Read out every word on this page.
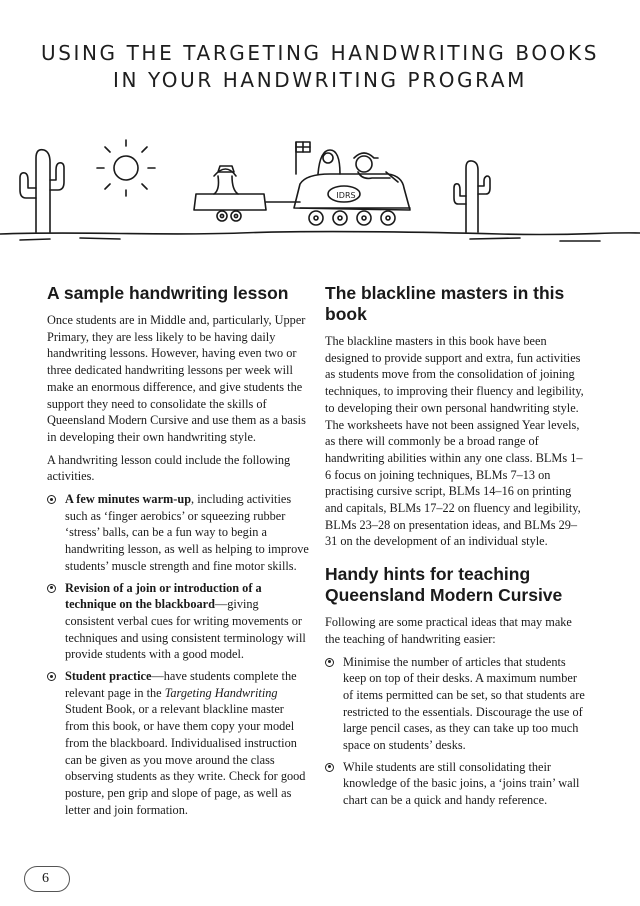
USING THE TARGETING HANDWRITING BOOKS
IN YOUR HANDWRITING PROGRAM
IDRS
A sample handwriting lesson

Once students are in Middle and, particularly, Upper Primary, they are less likely to be having daily handwriting lessons. However, having even two or three dedicated handwriting lessons per week will make an enormous difference, and give students the support they need to consolidate the skills of Queensland Modern Cursive and use them as a basis in developing their own handwriting style.

A handwriting lesson could include the following activities.

A few minutes warm-up, including activities such as ‘finger aerobics’ or squeezing rubber ‘stress’ balls, can be a fun way to begin a handwriting lesson, as well as helping to improve students’ muscle strength and fine motor skills.
Revision of a join or introduction of a technique on the blackboard—giving consistent verbal cues for writing movements or techniques and using consistent terminology will provide students with a good model.
Student practice—have students complete the relevant page in the Targeting Handwriting Student Book, or a relevant blackline master from this book, or have them copy your model from the blackboard. Individualised instruction can be given as you move around the class observing students as they write. Check for good posture, pen grip and slope of page, as well as letter and join formation.
The blackline masters in this book

The blackline masters in this book have been designed to provide support and extra, fun activities as students move from the consolidation of joining techniques, to improving their fluency and legibility, to developing their own personal handwriting style. The worksheets have not been assigned Year levels, as there will commonly be a broad range of handwriting abilities within any one class. BLMs 1–6 focus on joining techniques, BLMs 7–13 on practising cursive script, BLMs 14–16 on printing and capitals, BLMs 17–22 on fluency and legibility, BLMs 23–28 on presentation ideas, and BLMs 29–31 on the development of an individual style.

Handy hints for teaching Queensland Modern Cursive

Following are some practical ideas that may make the teaching of handwriting easier:

Minimise the number of articles that students keep on top of their desks. A maximum number of items permitted can be set, so that students are restricted to the essentials. Discourage the use of large pencil cases, as they can take up too much space on students’ desks.
While students are still consolidating their knowledge of the basic joins, a ‘joins train’ wall chart can be a quick and handy reference.
6
